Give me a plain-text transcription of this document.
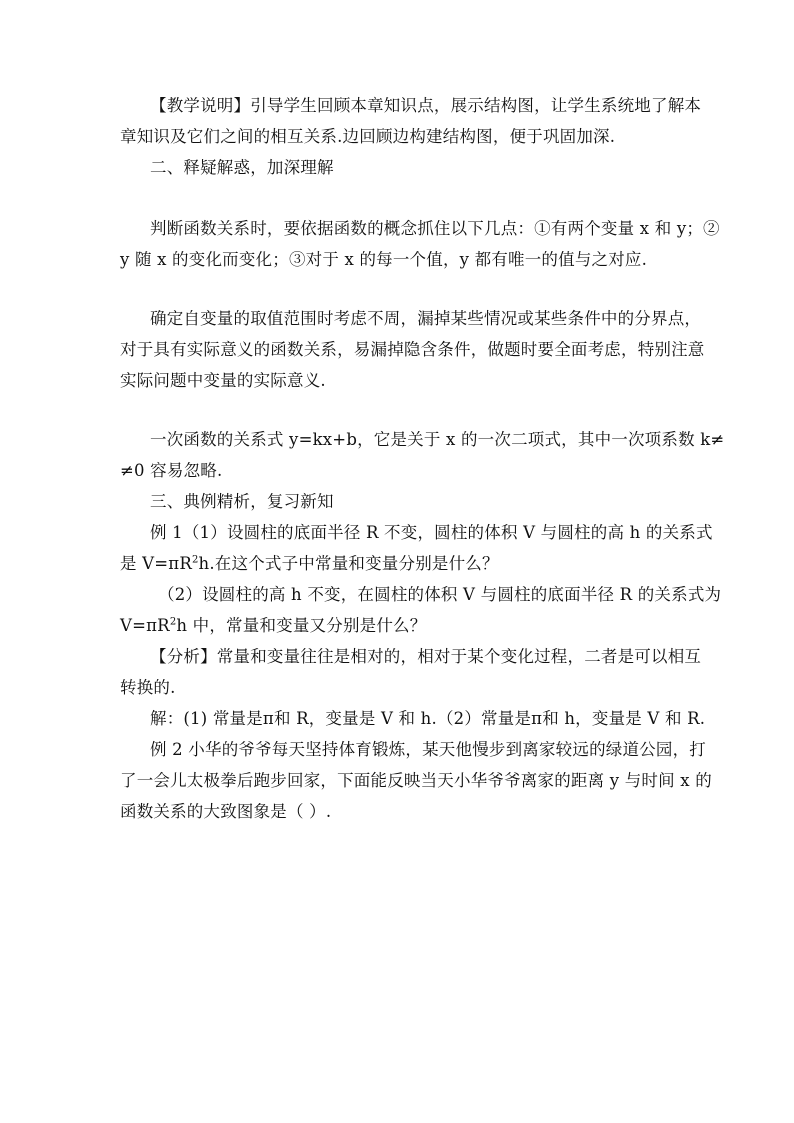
【教学说明】引导学生回顾本章知识点，展示结构图，让学生系统地了解本
章知识及它们之间的相互关系.边回顾边构建结构图，便于巩固加深.
二、释疑解惑，加深理解
判断函数关系时，要依据函数的概念抓住以下几点：①有两个变量 x 和 y；②
y 随 x 的变化而变化；③对于 x 的每一个值，y 都有唯一的值与之对应.
确定自变量的取值范围时考虑不周，漏掉某些情况或某些条件中的分界点，
对于具有实际意义的函数关系，易漏掉隐含条件，做题时要全面考虑，特别注意
实际问题中变量的实际意义.
一次函数的关系式 y=kx+b，它是关于 x 的一次二项式，其中一次项系数 k≠
≠0 容易忽略.
三、典例精析，复习新知
例 1（1）设圆柱的底面半径 R 不变，圆柱的体积 V 与圆柱的高 h 的关系式
是 $V=\pi R^2h$.在这个式子中常量和变量分别是什么？
（2）设圆柱的高 h 不变，在圆柱的体积 V 与圆柱的底面半径 R 的关系式为
$V=\pi R^2h$ 中，常量和变量又分别是什么？
【分析】常量和变量往往是相对的，相对于某个变化过程，二者是可以相互
转换的.
解：(1) 常量是π和 R，变量是 V 和 h.（2）常量是π和 h，变量是 V 和 R.
例 2 小华的爷爷每天坚持体育锻炼，某天他慢步到离家较远的绿道公园，打
了一会儿太极拳后跑步回家，下面能反映当天小华爷爷离家的距离 y 与时间 x 的
函数关系的大致图象是（ ）.
